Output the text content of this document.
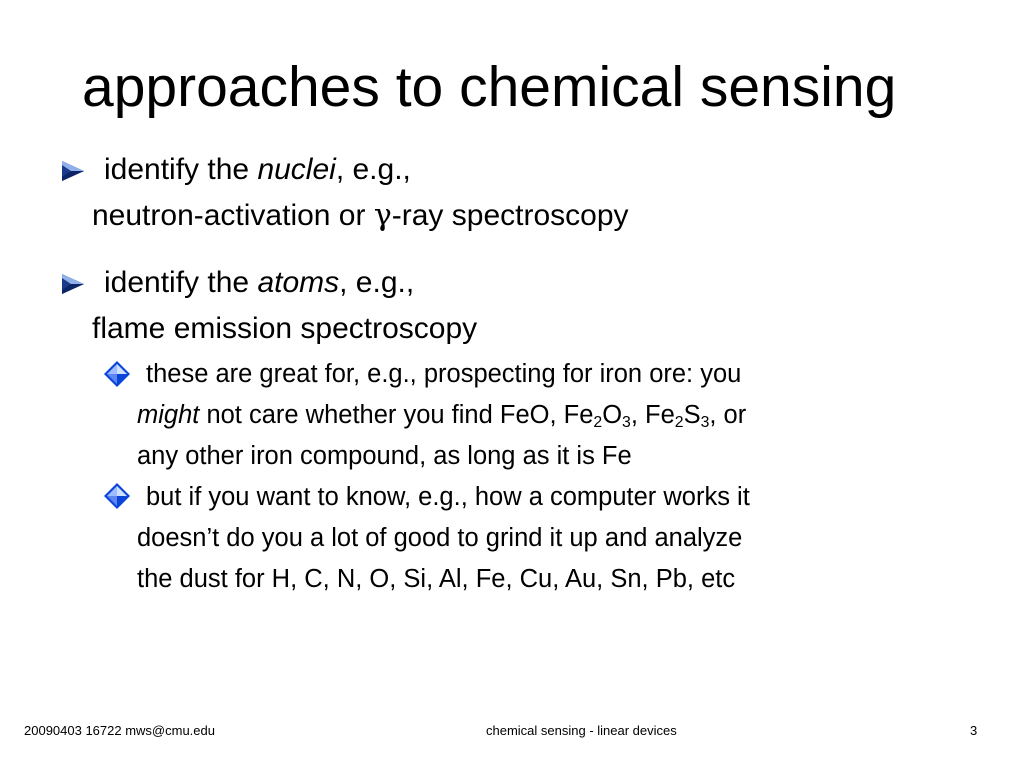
approaches to chemical sensing
identify the nuclei, e.g.,
neutron-activation or γ-ray spectroscopy
identify the atoms, e.g.,
flame emission spectroscopy
these are great for, e.g., prospecting for iron ore: you
might not care whether you find FeO, $Fe_2O_3$, $Fe_2S_3$, or
any other iron compound, as long as it is Fe
but if you want to know, e.g., how a computer works it
doesn’t do you a lot of good to grind it up and analyze
the dust for H, C, N, O, Si, Al, Fe, Cu, Au, Sn, Pb, etc
20090403 16722 mws@cmu.edu	chemical sensing - linear devices	3
